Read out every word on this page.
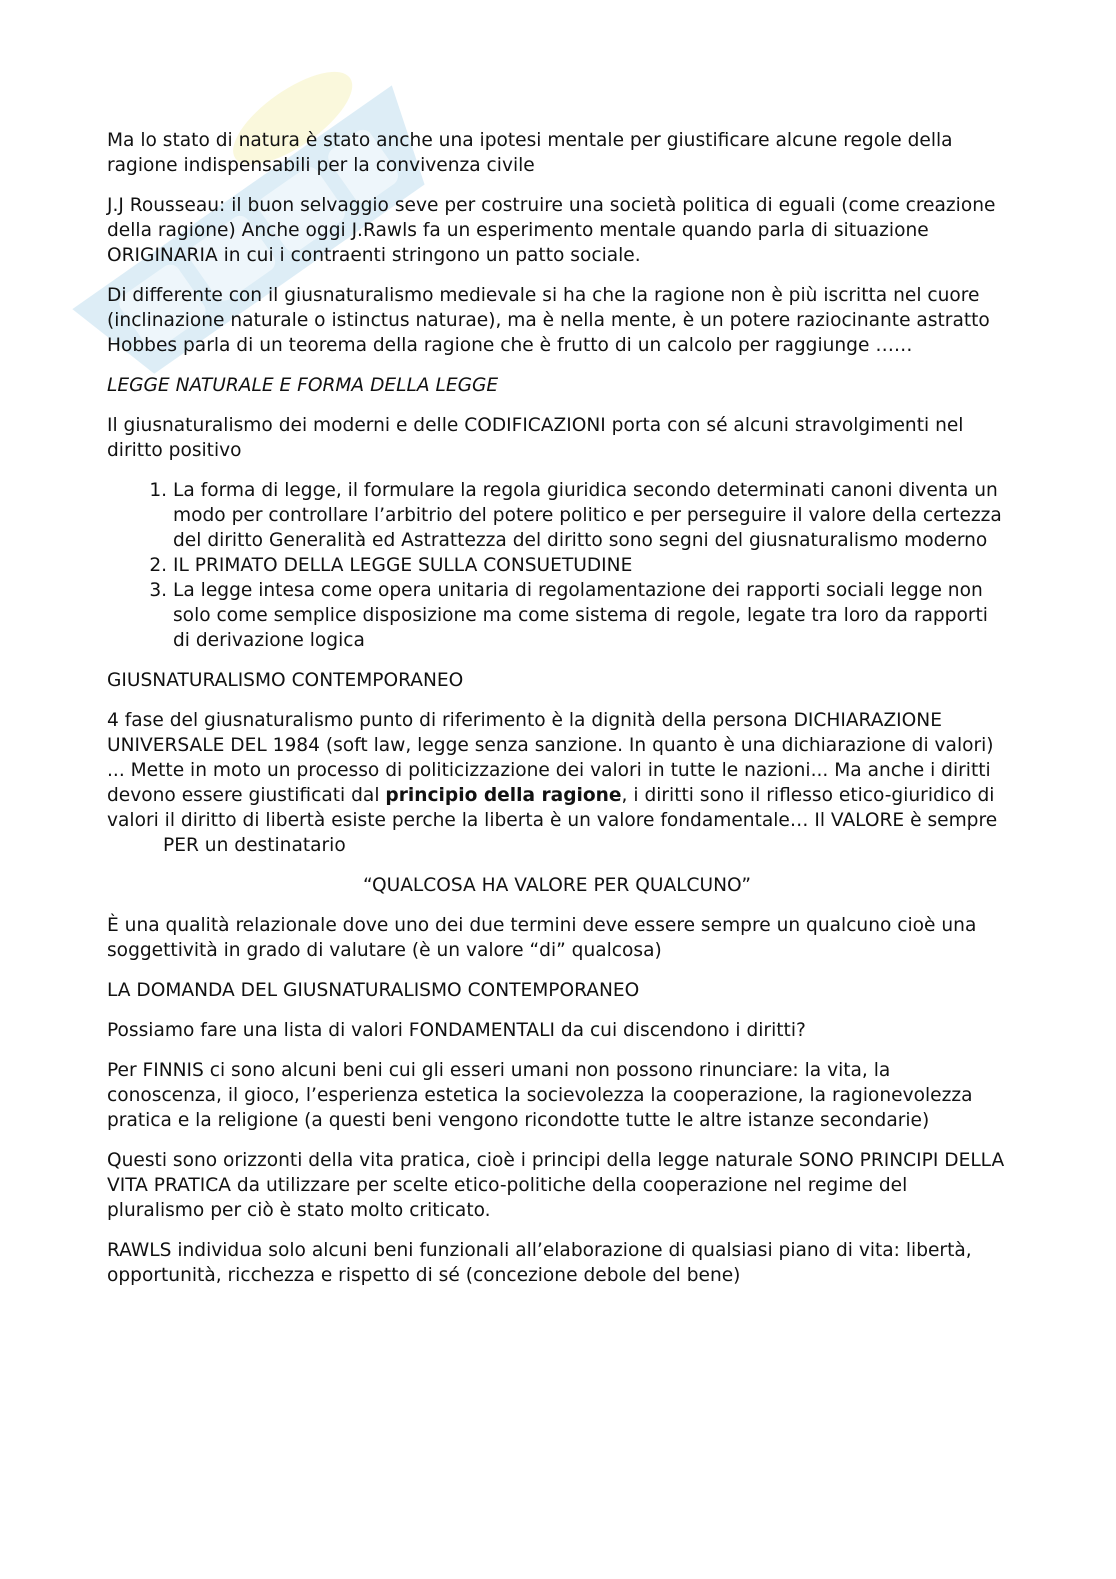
Ma lo stato di natura è stato anche una ipotesi mentale per giustificare alcune regole della ragione indispensabili per la convivenza civile

J.J Rousseau: il buon selvaggio seve per costruire una società politica di eguali (come creazione della ragione) Anche oggi J.Rawls fa un esperimento mentale quando parla di situazione ORIGINARIA in cui i contraenti stringono un patto sociale.

Di differente con il giusnaturalismo medievale si ha che la ragione non è più iscritta nel cuore (inclinazione naturale o istinctus naturae), ma è nella mente, è un potere raziocinante astratto Hobbes parla di un teorema della ragione che è frutto di un calcolo per raggiunge ……

LEGGE NATURALE E FORMA DELLA LEGGE

Il giusnaturalismo dei moderni e delle CODIFICAZIONI porta con sé alcuni stravolgimenti nel diritto positivo

1. La forma di legge, il formulare la regola giuridica secondo determinati canoni diventa un modo per controllare l’arbitrio del potere politico e per perseguire il valore della certezza del diritto Generalità ed Astrattezza del diritto sono segni del giusnaturalismo moderno
2. IL PRIMATO DELLA LEGGE SULLA CONSUETUDINE
3. La legge intesa come opera unitaria di regolamentazione dei rapporti sociali legge non solo come semplice disposizione ma come sistema di regole, legate tra loro da rapporti di derivazione logica

GIUSNATURALISMO CONTEMPORANEO

4 fase del giusnaturalismo punto di riferimento è la dignità della persona DICHIARAZIONE UNIVERSALE DEL 1984 (soft law, legge senza sanzione. In quanto è una dichiarazione di valori) ... Mette in moto un processo di politicizzazione dei valori in tutte le nazioni... Ma anche i diritti devono essere giustificati dal principio della ragione, i diritti sono il riflesso etico-giuridico di valori il diritto di libertà esiste perche la liberta è un valore fondamentale… Il VALORE è semprePER un destinatario

“QUALCOSA HA VALORE PER QUALCUNO”

È una qualità relazionale dove uno dei due termini deve essere sempre un qualcuno cioè una soggettività in grado di valutare (è un valore “di” qualcosa)

LA DOMANDA DEL GIUSNATURALISMO CONTEMPORANEO

Possiamo fare una lista di valori FONDAMENTALI da cui discendono i diritti?

Per FINNIS ci sono alcuni beni cui gli esseri umani non possono rinunciare: la vita, la conoscenza, il gioco, l’esperienza estetica la socievolezza la cooperazione, la ragionevolezza pratica e la religione (a questi beni vengono ricondotte tutte le altre istanze secondarie)

Questi sono orizzonti della vita pratica, cioè i principi della legge naturale SONO PRINCIPI DELLA VITA PRATICA da utilizzare per scelte etico-politiche della cooperazione nel regime del pluralismo per ciò è stato molto criticato.

RAWLS individua solo alcuni beni funzionali all’elaborazione di qualsiasi piano di vita: libertà, opportunità, ricchezza e rispetto di sé (concezione debole del bene)
